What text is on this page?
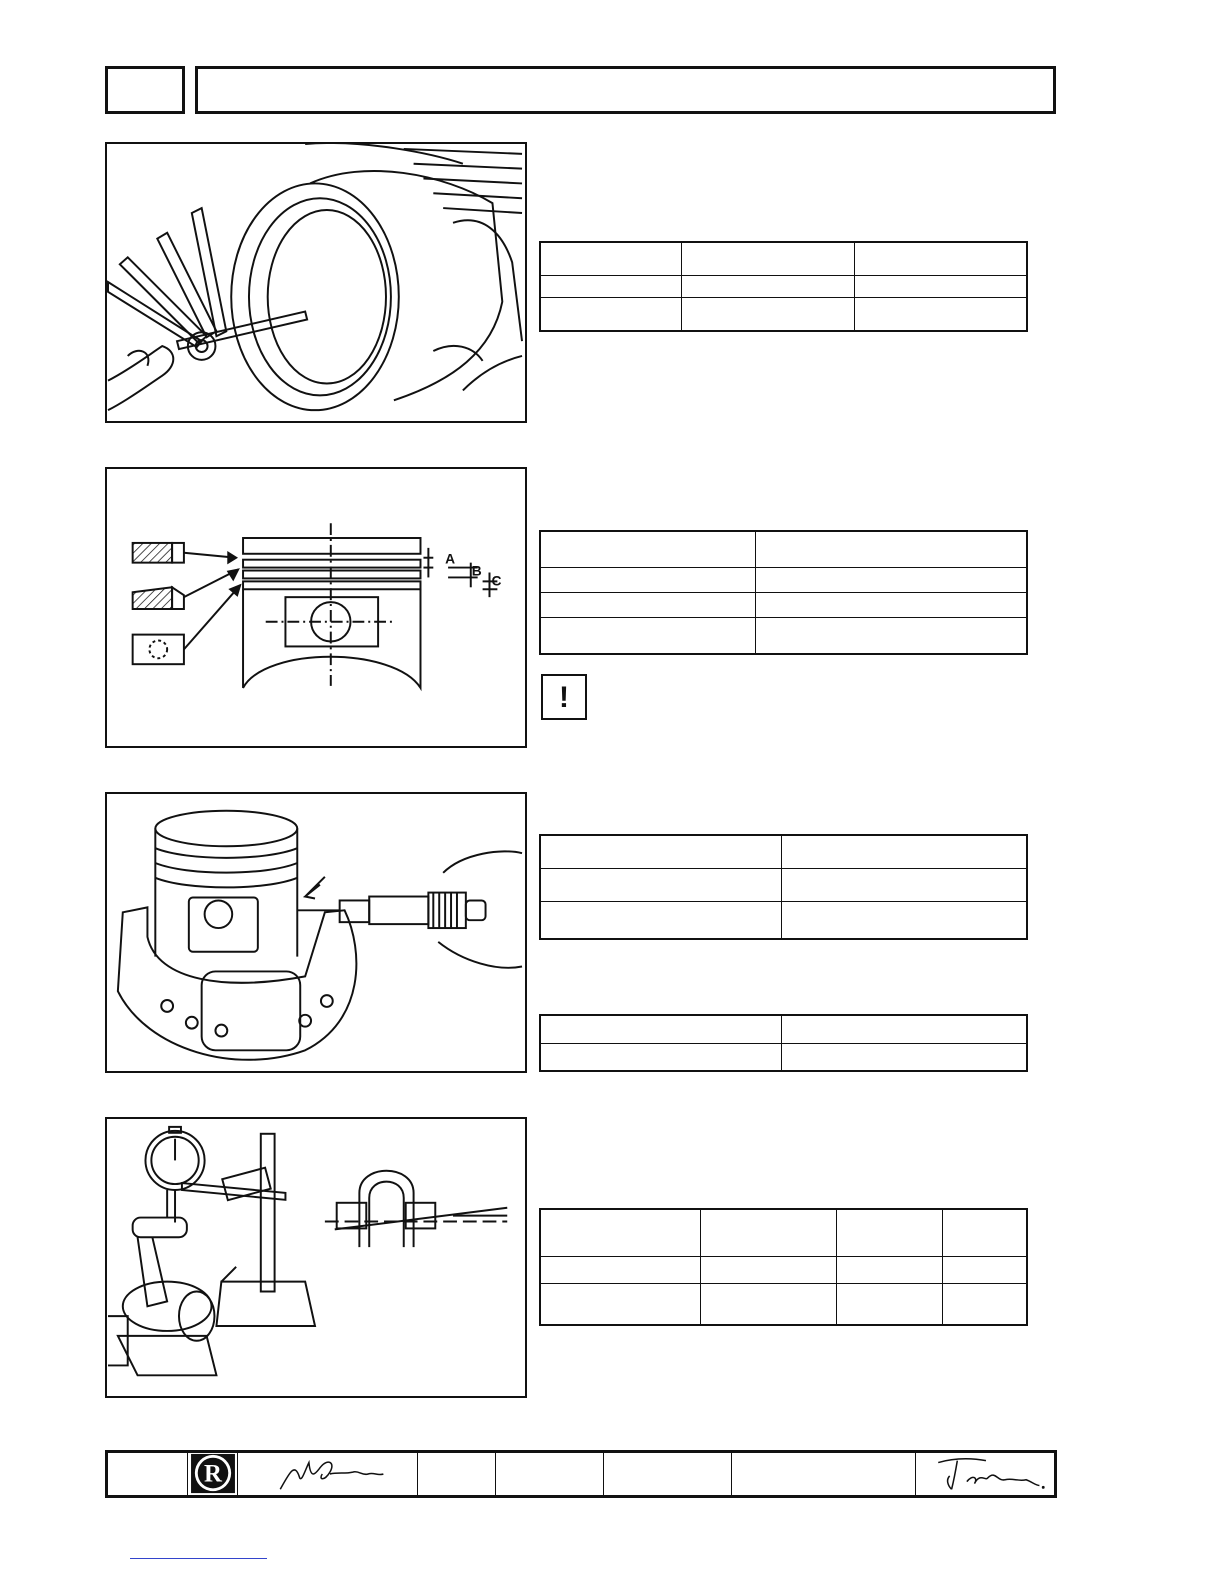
A
B
C

!

R
